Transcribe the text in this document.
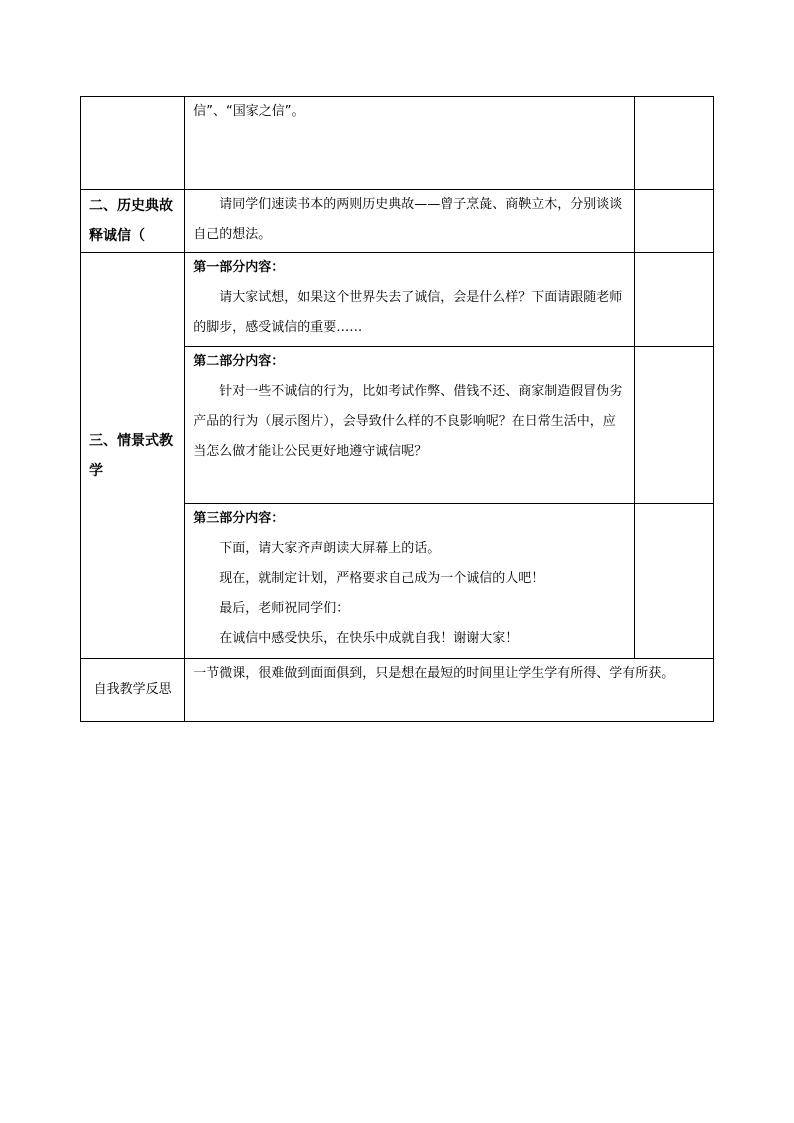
	信”、“国家之信”。	

二、历史典故释诚信（	请同学们速读书本的两则历史典故——曾子烹彘、商鞅立木，分别谈谈自己的想法。	

三、情景式教学	第一部分内容：

请大家试想，如果这个世界失去了诚信，会是什么样？下面请跟随老师的脚步，感受诚信的重要……	

	第二部分内容：

针对一些不诚信的行为，比如考试作弊、借钱不还、商家制造假冒伪劣产品的行为（展示图片），会导致什么样的不良影响呢？在日常生活中，应当怎么做才能让公民更好地遵守诚信呢？	

	第三部分内容：

下面，请大家齐声朗读大屏幕上的话。

现在，就制定计划，严格要求自己成为一个诚信的人吧！

最后，老师祝同学们：

在诚信中感受快乐，在快乐中成就自我！谢谢大家！	

自我教学反思	一节微课，很难做到面面俱到，只是想在最短的时间里让学生学有所得、学有所获。	
